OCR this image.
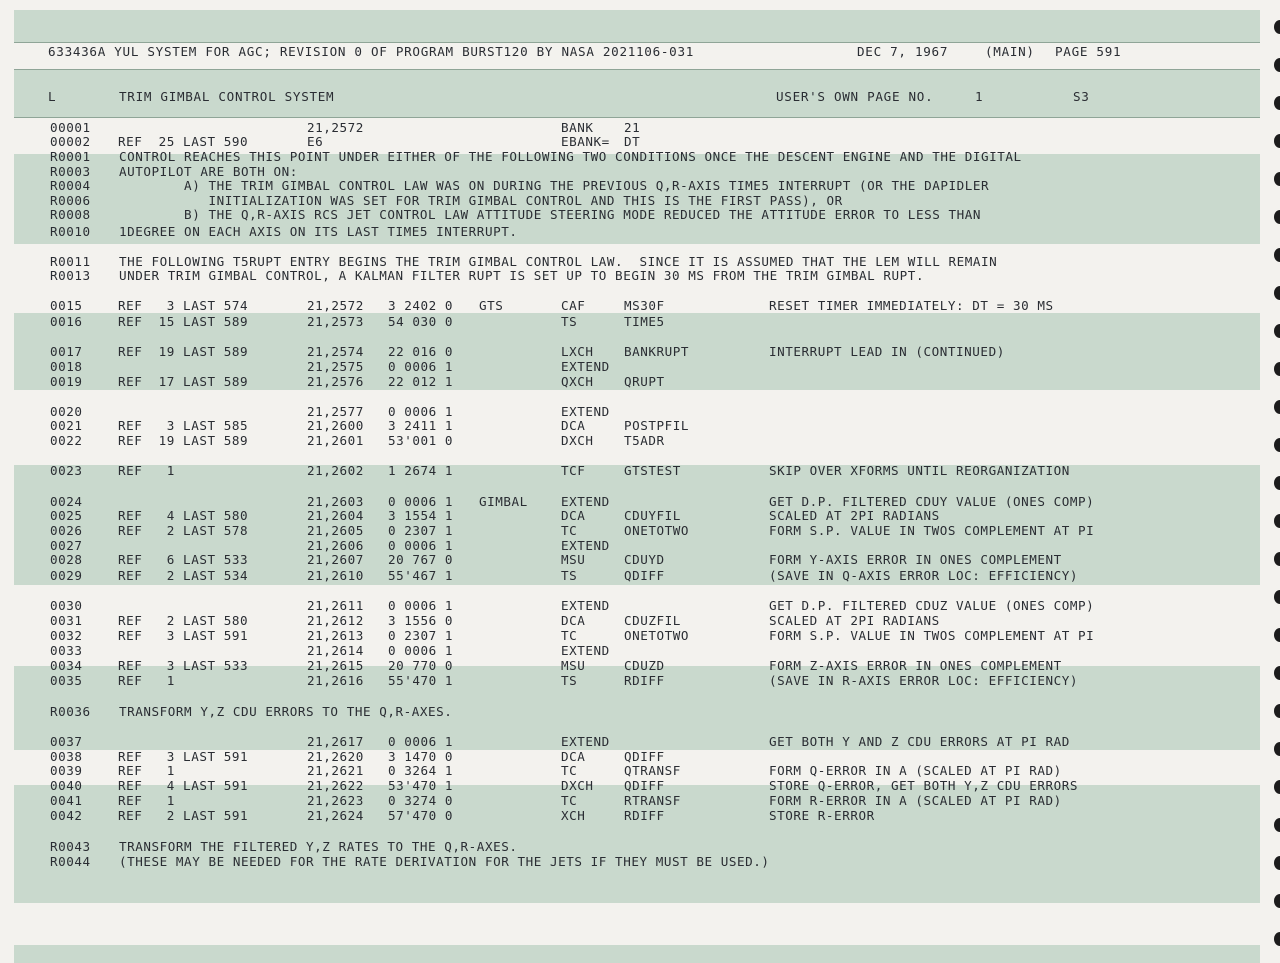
633436A YUL SYSTEM FOR AGC; REVISION 0 OF PROGRAM BURST120 BY NASA 2021106-031	DEC 7, 1967	(MAIN) PAGE 591
L	TRIM GIMBAL CONTROL SYSTEM	USER'S OWN PAGE NO.	1	S3
00001	21,2572	BANK 21
00002 REF  25 LAST 590	E6	EBANK= DT
R0001 CONTROL REACHES THIS POINT UNDER EITHER OF THE FOLLOWING TWO CONDITIONS ONCE THE DESCENT ENGINE AND THE DIGITAL
R0003 AUTOPILOT ARE BOTH ON:
R0004 A) THE TRIM GIMBAL CONTROL LAW WAS ON DURING THE PREVIOUS Q,R-AXIS TIME5 INTERRUPT (OR THE DAPIDLER
R0006 INITIALIZATION WAS SET FOR TRIM GIMBAL CONTROL AND THIS IS THE FIRST PASS), OR
R0008 B) THE Q,R-AXIS RCS JET CONTROL LAW ATTITUDE STEERING MODE REDUCED THE ATTITUDE ERROR TO LESS THAN
R0010 1DEGREE ON EACH AXIS ON ITS LAST TIME5 INTERRUPT.
R0011 THE FOLLOWING T5RUPT ENTRY BEGINS THE TRIM GIMBAL CONTROL LAW.  SINCE IT IS ASSUMED THAT THE LEM WILL REMAIN
R0013 UNDER TRIM GIMBAL CONTROL, A KALMAN FILTER RUPT IS SET UP TO BEGIN 30 MS FROM THE TRIM GIMBAL RUPT.
0015	REF   3 LAST 574	21,2572 3 2402 0 GTS	CAF	MS30F	RESET TIMER IMMEDIATELY: DT = 30 MS
0016	REF  15 LAST 589	21,2573 54 030 0	TS	TIME5
0017	REF  19 LAST 589	21,2574 22 016 0	LXCH BANKRUPT	INTERRUPT LEAD IN (CONTINUED)
0018	21,2575 0 0006 1	EXTEND
0019	REF  17 LAST 589	21,2576 22 012 1	QXCH QRUPT
0020	21,2577 0 0006 1	EXTEND
0021	REF   3 LAST 585	21,2600 3 2411 1	DCA	POSTPFIL
0022	REF  19 LAST 589	21,2601 53'001 0	DXCH T5ADR
0023	REF   1	21,2602 1 2674 1	TCF	GTSTEST	SKIP OVER XFORMS UNTIL REORGANIZATION
0024	21,2603 0 0006 1 GIMBAL	EXTEND	GET D.P. FILTERED CDUY VALUE (ONES COMP)
0025	REF   4 LAST 580	21,2604 3 1554 1	DCA	CDUYFIL	SCALED AT 2PI RADIANS
0026	REF   2 LAST 578	21,2605 0 2307 1	TC	ONETOTWO	FORM S.P. VALUE IN TWOS COMPLEMENT AT PI
0027	21,2606 0 0006 1	EXTEND
0028	REF   6 LAST 533	21,2607 20 767 0	MSU	CDUYD	FORM Y-AXIS ERROR IN ONES COMPLEMENT
0029	REF   2 LAST 534	21,2610 55'467 1	TS	QDIFF	(SAVE IN Q-AXIS ERROR LOC: EFFICIENCY)
0030	21,2611 0 0006 1	EXTEND	GET D.P. FILTERED CDUZ VALUE (ONES COMP)
0031	REF   2 LAST 580	21,2612 3 1556 0	DCA	CDUZFIL	SCALED AT 2PI RADIANS
0032	REF   3 LAST 591	21,2613 0 2307 1	TC	ONETOTWO	FORM S.P. VALUE IN TWOS COMPLEMENT AT PI
0033	21,2614 0 0006 1	EXTEND
0034	REF   3 LAST 533	21,2615 20 770 0	MSU	CDUZD	FORM Z-AXIS ERROR IN ONES COMPLEMENT
0035	REF   1	21,2616 55'470 1	TS	RDIFF	(SAVE IN R-AXIS ERROR LOC: EFFICIENCY)
R0036 TRANSFORM Y,Z CDU ERRORS TO THE Q,R-AXES.
0037	21,2617 0 0006 1	EXTEND	GET BOTH Y AND Z CDU ERRORS AT PI RAD
0038	REF   3 LAST 591	21,2620 3 1470 0	DCA	QDIFF
0039	REF   1	21,2621 0 3264 1	TC	QTRANSF	FORM Q-ERROR IN A (SCALED AT PI RAD)
0040	REF   4 LAST 591	21,2622 53'470 1	DXCH QDIFF	STORE Q-ERROR, GET BOTH Y,Z CDU ERRORS
0041	REF   1	21,2623 0 3274 0	TC	RTRANSF	FORM R-ERROR IN A (SCALED AT PI RAD)
0042	REF   2 LAST 591	21,2624 57'470 0	XCH	RDIFF	STORE R-ERROR
R0043 TRANSFORM THE FILTERED Y,Z RATES TO THE Q,R-AXES.
R0044 (THESE MAY BE NEEDED FOR THE RATE DERIVATION FOR THE JETS IF THEY MUST BE USED.)
